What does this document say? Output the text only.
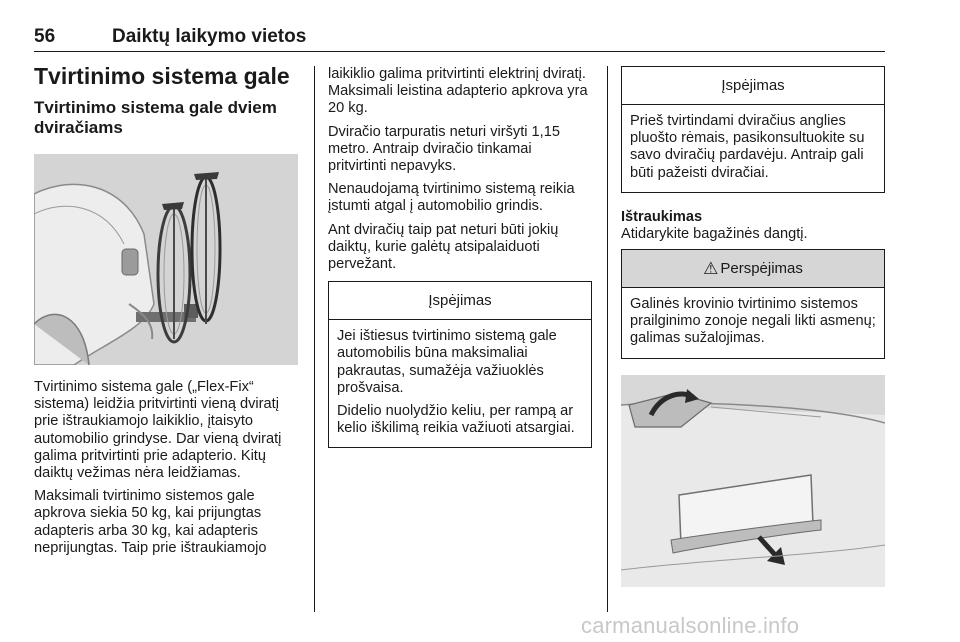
56	Daiktų laikymo vietos
Tvirtinimo sistema gale
Tvirtinimo sistema gale dviem dviračiams
Tvirtinimo sistema gale („Flex-Fix“ sistema) leidžia pritvirtinti vieną dviratį prie ištraukiamojo laikiklio, įtaisyto automobilio grindyse. Dar vieną dviratį galima pritvirtinti prie adapterio. Kitų daiktų vežimas nėra leidžiamas.
Maksimali tvirtinimo sistemos gale apkrova siekia 50 kg, kai prijungtas adapteris arba 30 kg, kai adapteris neprijungtas. Taip prie ištraukiamojo
laikiklio galima pritvirtinti elektrinį dviratį. Maksimali leistina adapterio apkrova yra 20 kg.
Dviračio tarpuratis neturi viršyti 1,15 metro. Antraip dviračio tinkamai pritvirtinti nepavyks.
Nenaudojamą tvirtinimo sistemą reikia įstumti atgal į automobilio grindis.
Ant dviračių taip pat neturi būti jokių daiktų, kurie galėtų atsipalaiduoti pervežant.
Įspėjimas
Jei ištiesus tvirtinimo sistemą gale automobilis būna maksimaliai pakrautas, sumažėja važiuoklės prošvaisa.
Didelio nuolydžio keliu, per rampą ar kelio iškilimą reikia važiuoti atsargiai.
Įspėjimas
Prieš tvirtindami dviračius anglies pluošto rėmais, pasikonsultuokite su savo dviračių pardavėju. Antraip gali būti pažeisti dviračiai.
Ištraukimas
Atidarykite bagažinės dangtį.
⚠ Perspėjimas
Galinės krovinio tvirtinimo sistemos prailginimo zonoje negali likti asmenų; galimas sužalojimas.
carmanualsonline.info
